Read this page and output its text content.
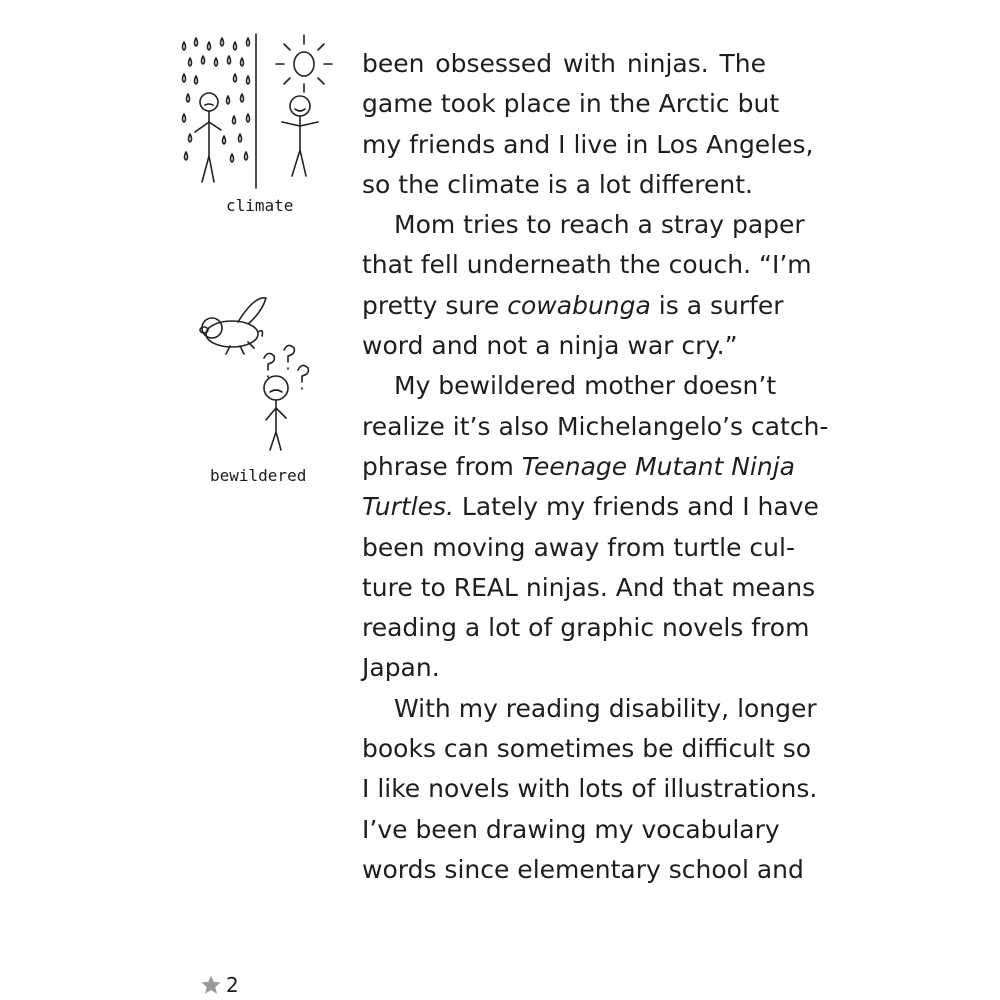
climate
bewildered
been obsessed with ninjas. The
game took place in the Arctic but
my friends and I live in Los Angeles,
so the climate is a lot different.
Mom tries to reach a stray paper
that fell underneath the couch. “I’m
pretty sure cowabunga is a surfer
word and not a ninja war cry.”
My bewildered mother doesn’t
realize it’s also Michelangelo’s catch-
phrase from Teenage Mutant Ninja
Turtles. Lately my friends and I have
been moving away from turtle cul-
ture to REAL ninjas. And that means
reading a lot of graphic novels from
Japan.
With my reading disability, longer
books can sometimes be difficult so
I like novels with lots of illustrations.
I’ve been drawing my vocabulary
words since elementary school and
2
